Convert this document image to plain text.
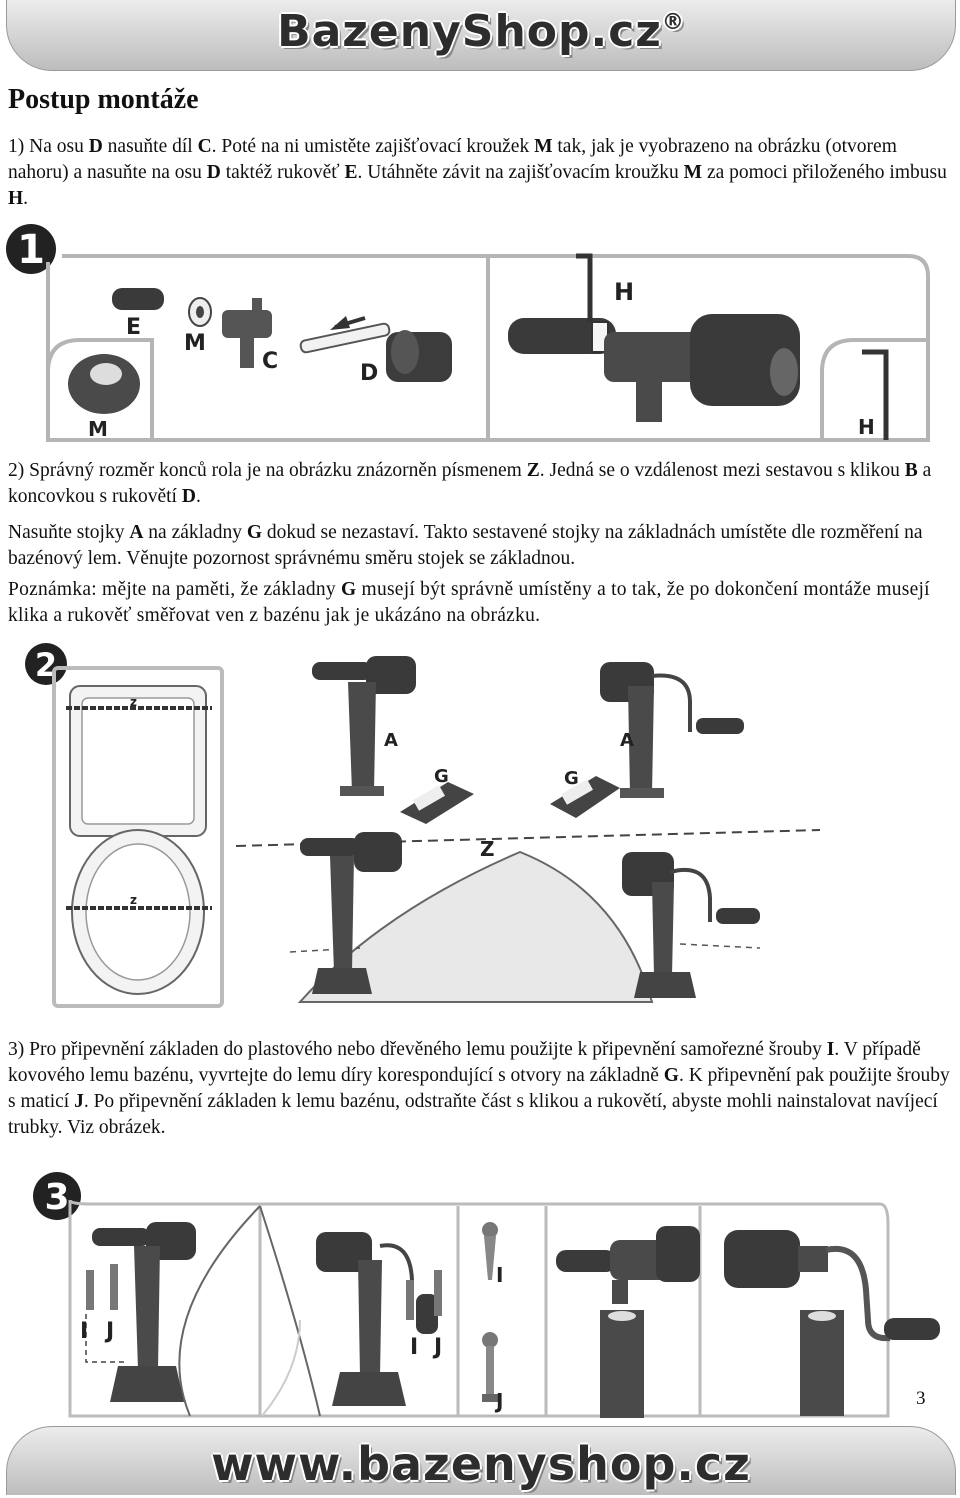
BazenyShop.cz®
Postup montáže

1) Na osu D nasuňte díl C. Poté na ni umistěte zajišťovací kroužek M tak, jak je vyobrazeno na obrázku (otvorem nahoru) a nasuňte na osu D taktéž rukověť E. Utáhněte závit na zajišťovacím kroužku M za pomoci přiloženého imbusu H.

1
E
M
C	D
M
H
H

2) Správný rozměr konců rola je na obrázku znázorněn písmenem Z. Jedná se o vzdálenost mezi sestavou s klikou B a koncovkou s rukovětí D.

Nasuňte stojky A na základny G dokud se nezastaví. Takto sestavené stojky na základnách umístěte dle rozměření na bazénový lem. Věnujte pozornost správnému směru stojek se základnou.

Poznámka: mějte na paměti, že základny G musejí být správně umístěny a to tak, že po dokončení montáže musejí klika a rukověť směřovat ven z bazénu jak je ukázáno na obrázku.

2
z
z
A
G
A
G
Z

3) Pro připevnění základen do plastového nebo dřevěného lemu použijte k připevnění samořezné šrouby I. V případě kovového lemu bazénu, vyvrtejte do lemu díry korespondující s otvory na základně G. K připevnění pak použijte šrouby s maticí J. Po připevnění základen k lemu bazénu, odstraňte část s klikou a rukovětí, abyste mohli nainstalovat navíjecí trubky. Viz obrázek.

3
I J
I J
I
J	3
www.bazenyshop.cz
